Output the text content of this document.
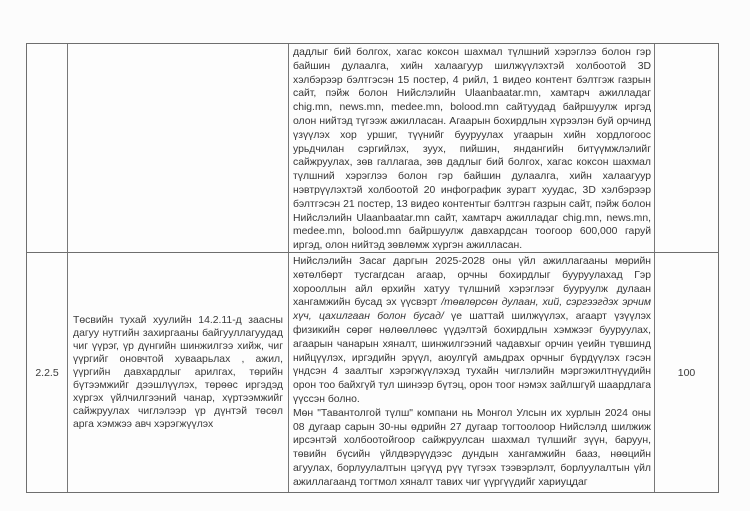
дадлыг бий болгох, хагас коксон шахмал түлшний хэрэглээ болон гэр байшин дулаалга, хийн халаагуур шилжүүлэхтэй холбоотой 3D хэлбэрээр бэлтгэсэн 15 постер, 4 рийл, 1 видео контент бэлтгэж газрын сайт, пэйж болон Нийслэлийн Ulaanbaatar.mn, хамтарч ажилладаг chig.mn, news.mn, medee.mn, bolood.mn сайтуудад байршуулж иргэд олон нийтэд түгээж ажилласан. Агаарын бохирдлын хүрээлэн буй орчинд үзүүлэх хор уршиг, түүнийг бууруулах угаарын хийн хордлогоос урьдчилан сэргийлэх, зуух, пийшин, яндангийн битүүмжлэлийг сайжруулах, зөв галлагаа, зөв дадлыг бий болгох, хагас коксон шахмал түлшний хэрэглээ болон гэр байшин дулаалга, хийн халаагуур нэвтрүүлэхтэй холбоотой 20 инфографик зурагт хуудас, 3D хэлбэрээр бэлтгэсэн 21 постер, 13 видео контентыг бэлтгэн газрын сайт, пэйж болон Нийслэлийн Ulaanbaatar.mn сайт, хамтарч ажилладаг chig.mn, news.mn, medee.mn, bolood.mn байршуулж давхардсан тоогоор 600,000 гаруй иргэд, олон нийтэд зөвлөмж хүргэн ажилласан.

2.2.5
Төсвийн тухай хуулийн 14.2.11-д заасны дагуу нутгийн захиргааны байгууллагуудад чиг үүрэг, үр дүнгийн шинжилгээ хийж, чиг үүргийг оновчтой хуваарьлах , ажил, үүргийн давхардлыг арилгах, төрийн бүтээмжийг дээшлүүлэх, төрөөс иргэдэд хүргэх үйлчилгээний чанар, хүртээмжийг сайжруулах чиглэлээр үр дүнтэй төсөл арга хэмжээ авч хэрэгжүүлэх

Нийслэлийн Засаг даргын 2025-2028 оны үйл ажиллагааны мөрийн хөтөлбөрт тусгагдсан агаар, орчны бохирдлыг бууруулахад Гэр хорооллын айл өрхийн хатуу түлшний хэрэглээг бууруулж дулаан хангамжийн бусад эх үүсвэрт /төвлөрсөн дулаан, хий, сэргээгдэх эрчим хүч, цахилгаан болон бусад/ үе шаттай шилжүүлэх, агаарт үзүүлэх физикийн сөрөг нөлөөллөөс үүдэлтэй бохирдлын хэмжээг бууруулах, агаарын чанарын хяналт, шинжилгээний чадавхыг орчин үеийн түвшинд нийцүүлэх, иргэдийн эрүүл, аюулгүй амьдрах орчныг бүрдүүлэх гэсэн үндсэн 4 заалтыг хэрэгжүүлэхэд тухайн чиглэлийн мэргэжилтнүүдийн орон тоо байхгүй тул шинээр бүтэц, орон тоог нэмэх зайлшгүй шаардлага үүссэн болно.

Мөн "Тавантолгой түлш" компани нь Монгол Улсын их хурлын 2024 оны 08 дугаар сарын 30-ны өдрийн 27 дугаар тогтоолоор Нийслэлд шилжиж ирсэнтэй холбоотойгоор сайжруулсан шахмал түлшийг зүүн, баруун, төвийн бүсийн үйлдвэрүүдээс дундын хангамжийн бааз, нөөцийн агуулах, борлуулалтын цэгүүд рүү түгээх тээвэрлэлт, борлуулалтын үйл ажиллагаанд тогтмол хяналт тавих чиг үүргүүдийг хариуцдаг

100
